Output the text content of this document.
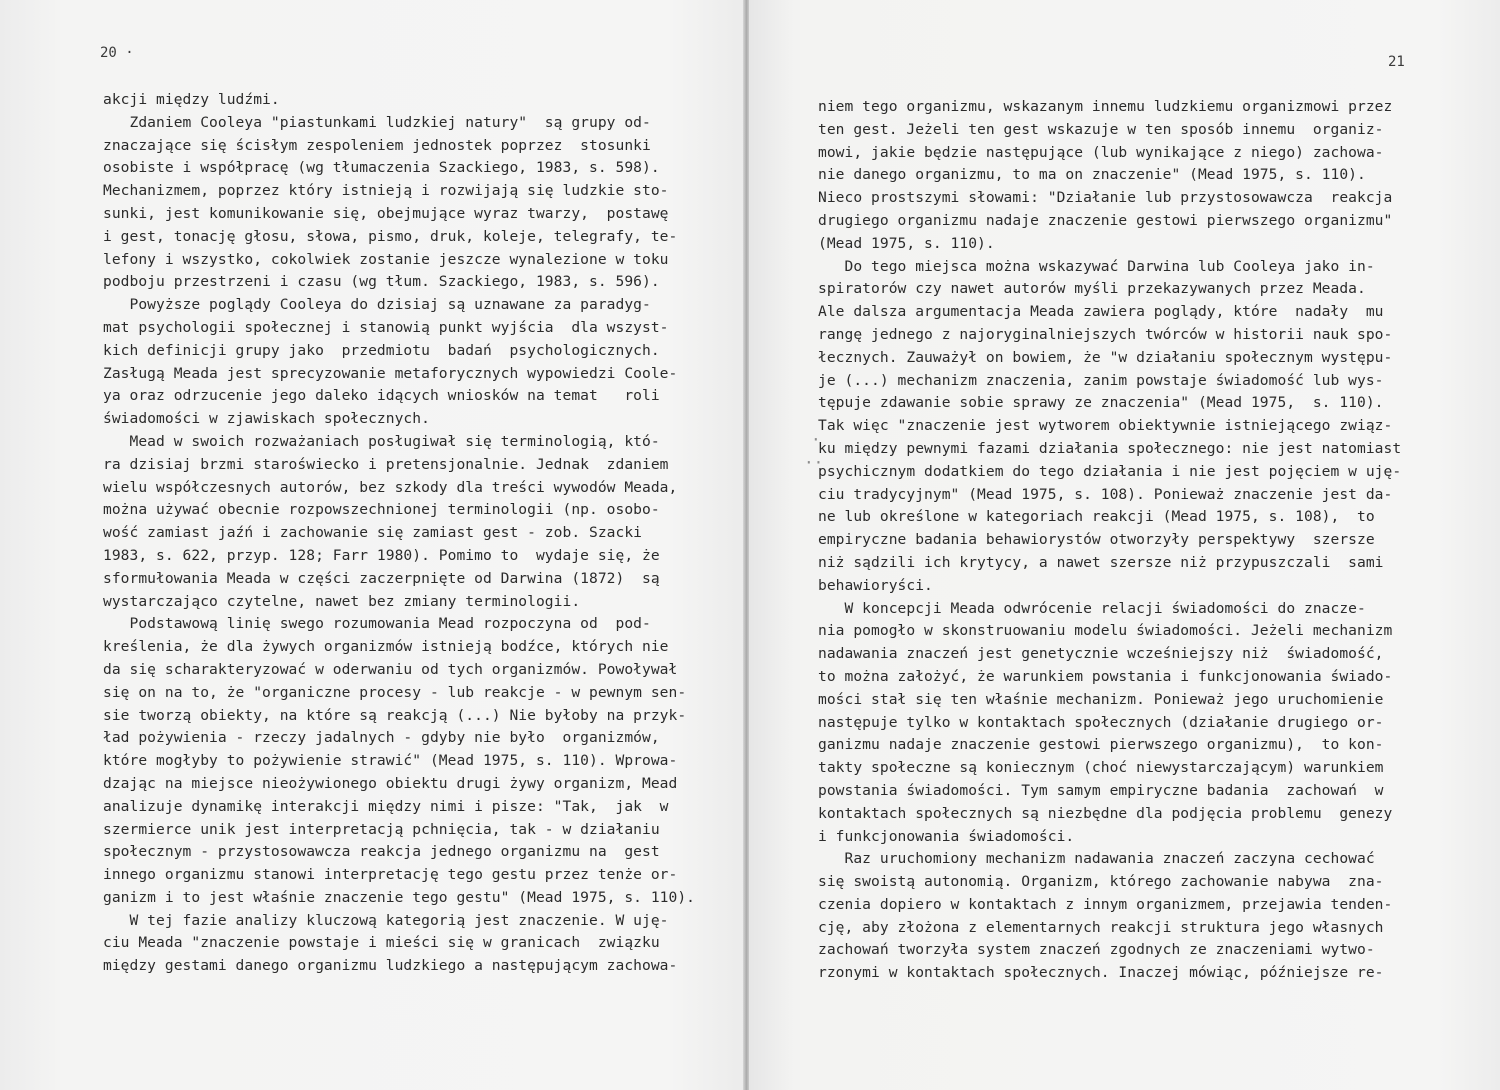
20 ·
akcji między ludźmi.
Zdaniem Cooleya "piastunkami ludzkiej natury"  są grupy od-
znaczające się ścisłym zespoleniem jednostek poprzez  stosunki
osobiste i współpracę (wg tłumaczenia Szackiego, 1983, s. 598).
Mechanizmem, poprzez który istnieją i rozwijają się ludzkie sto-
sunki, jest komunikowanie się, obejmujące wyraz twarzy,  postawę
i gest, tonację głosu, słowa, pismo, druk, koleje, telegrafy, te-
lefony i wszystko, cokolwiek zostanie jeszcze wynalezione w toku
podboju przestrzeni i czasu (wg tłum. Szackiego, 1983, s. 596).
Powyższe poglądy Cooleya do dzisiaj są uznawane za paradyg-
mat psychologii społecznej i stanowią punkt wyjścia  dla wszyst-
kich definicji grupy jako  przedmiotu  badań  psychologicznych.
Zasługą Meada jest sprecyzowanie metaforycznych wypowiedzi Coole-
ya oraz odrzucenie jego daleko idących wniosków na temat   roli
świadomości w zjawiskach społecznych.
Mead w swoich rozważaniach posługiwał się terminologią, któ-
ra dzisiaj brzmi staroświecko i pretensjonalnie. Jednak  zdaniem
wielu współczesnych autorów, bez szkody dla treści wywodów Meada,
można używać obecnie rozpowszechnionej terminologii (np. osobo-
wość zamiast jaźń i zachowanie się zamiast gest - zob. Szacki
1983, s. 622, przyp. 128; Farr 1980). Pomimo to  wydaje się, że
sformułowania Meada w części zaczerpnięte od Darwina (1872)  są
wystarczająco czytelne, nawet bez zmiany terminologii.
Podstawową linię swego rozumowania Mead rozpoczyna od  pod-
kreślenia, że dla żywych organizmów istnieją bodźce, których nie
da się scharakteryzować w oderwaniu od tych organizmów. Powoływał
się on na to, że "organiczne procesy - lub reakcje - w pewnym sen-
sie tworzą obiekty, na które są reakcją (...) Nie byłoby na przyk-
ład pożywienia - rzeczy jadalnych - gdyby nie było  organizmów,
które mogłyby to pożywienie strawić" (Mead 1975, s. 110). Wprowa-
dzając na miejsce nieożywionego obiektu drugi żywy organizm, Mead
analizuje dynamikę interakcji między nimi i pisze: "Tak,  jak  w
szermierce unik jest interpretacją pchnięcia, tak - w działaniu
społecznym - przystosowawcza reakcja jednego organizmu na  gest
innego organizmu stanowi interpretację tego gestu przez tenże or-
ganizm i to jest właśnie znaczenie tego gestu" (Mead 1975, s. 110).
W tej fazie analizy kluczową kategorią jest znaczenie. W uję-
ciu Meada "znaczenie powstaje i mieści się w granicach  związku
między gestami danego organizmu ludzkiego a następującym zachowa-
21
·
··
niem tego organizmu, wskazanym innemu ludzkiemu organizmowi przez
ten gest. Jeżeli ten gest wskazuje w ten sposób innemu  organiz-
mowi, jakie będzie następujące (lub wynikające z niego) zachowa-
nie danego organizmu, to ma on znaczenie" (Mead 1975, s. 110).
Nieco prostszymi słowami: "Działanie lub przystosowawcza  reakcja
drugiego organizmu nadaje znaczenie gestowi pierwszego organizmu"
(Mead 1975, s. 110).
Do tego miejsca można wskazywać Darwina lub Cooleya jako in-
spiratorów czy nawet autorów myśli przekazywanych przez Meada.
Ale dalsza argumentacja Meada zawiera poglądy, które  nadały  mu
rangę jednego z najoryginalniejszych twórców w historii nauk spo-
łecznych. Zauważył on bowiem, że "w działaniu społecznym występu-
je (...) mechanizm znaczenia, zanim powstaje świadomość lub wys-
tępuje zdawanie sobie sprawy ze znaczenia" (Mead 1975,  s. 110).
Tak więc "znaczenie jest wytworem obiektywnie istniejącego związ-
ku między pewnymi fazami działania społecznego: nie jest natomiast
psychicznym dodatkiem do tego działania i nie jest pojęciem w uję-
ciu tradycyjnym" (Mead 1975, s. 108). Ponieważ znaczenie jest da-
ne lub określone w kategoriach reakcji (Mead 1975, s. 108),  to
empiryczne badania behawiorystów otworzyły perspektywy  szersze
niż sądzili ich krytycy, a nawet szersze niż przypuszczali  sami
behawioryści.
W koncepcji Meada odwrócenie relacji świadomości do znacze-
nia pomogło w skonstruowaniu modelu świadomości. Jeżeli mechanizm
nadawania znaczeń jest genetycznie wcześniejszy niż  świadomość,
to można założyć, że warunkiem powstania i funkcjonowania świado-
mości stał się ten właśnie mechanizm. Ponieważ jego uruchomienie
następuje tylko w kontaktach społecznych (działanie drugiego or-
ganizmu nadaje znaczenie gestowi pierwszego organizmu),  to kon-
takty społeczne są koniecznym (choć niewystarczającym) warunkiem
powstania świadomości. Tym samym empiryczne badania  zachowań  w
kontaktach społecznych są niezbędne dla podjęcia problemu  genezy
i funkcjonowania świadomości.
Raz uruchomiony mechanizm nadawania znaczeń zaczyna cechować
się swoistą autonomią. Organizm, którego zachowanie nabywa  zna-
czenia dopiero w kontaktach z innym organizmem, przejawia tenden-
cję, aby złożona z elementarnych reakcji struktura jego własnych
zachowań tworzyła system znaczeń zgodnych ze znaczeniami wytwo-
rzonymi w kontaktach społecznych. Inaczej mówiąc, późniejsze re-
